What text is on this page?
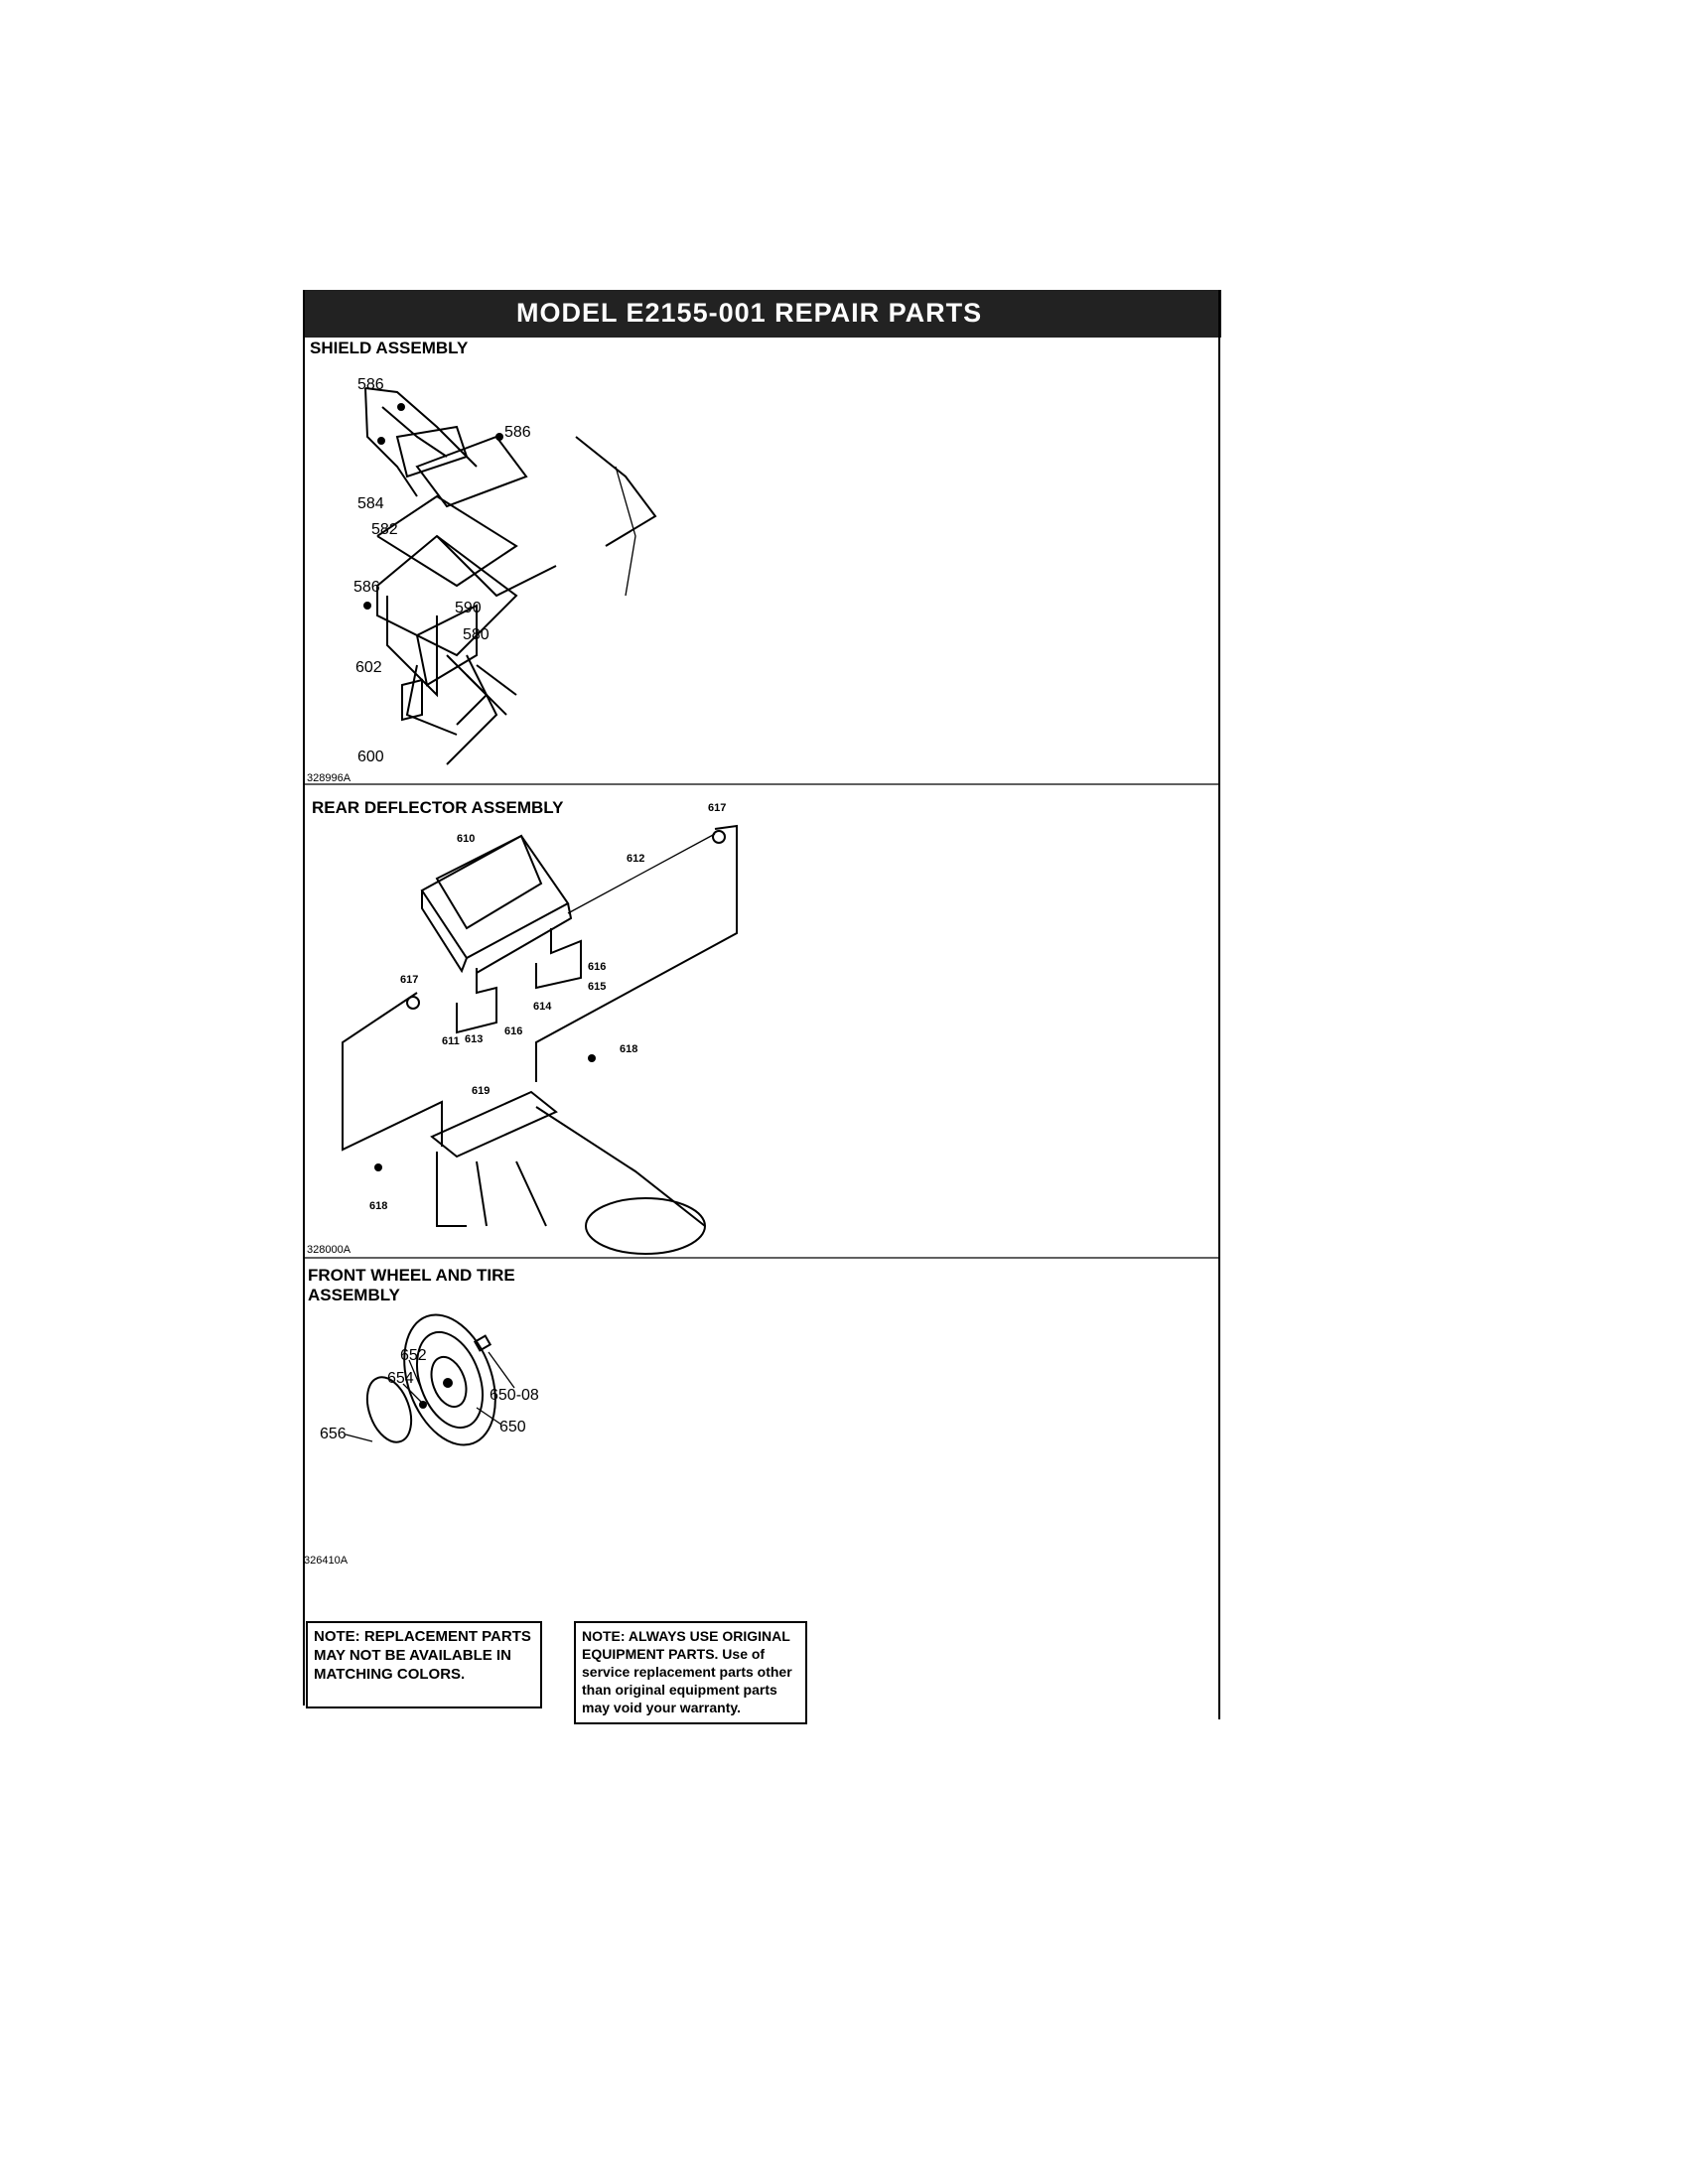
MODEL E2155-001 REPAIR PARTS
SHIELD ASSEMBLY
586
586
584
582
586
590
580
602
600
328996A
REAR DEFLECTOR ASSEMBLY
610
617
612
617
616
615
614
611 613
616
618
619
618
328000A
FRONT WHEEL AND TIRE
ASSEMBLY
652
654
650-08
650
656
326410A
NOTE: REPLACEMENT PARTS MAY NOT BE AVAILABLE IN MATCHING COLORS.
NOTE: ALWAYS USE ORIGINAL EQUIPMENT PARTS. Use of service replacement parts other than original equipment parts may void your warranty.
